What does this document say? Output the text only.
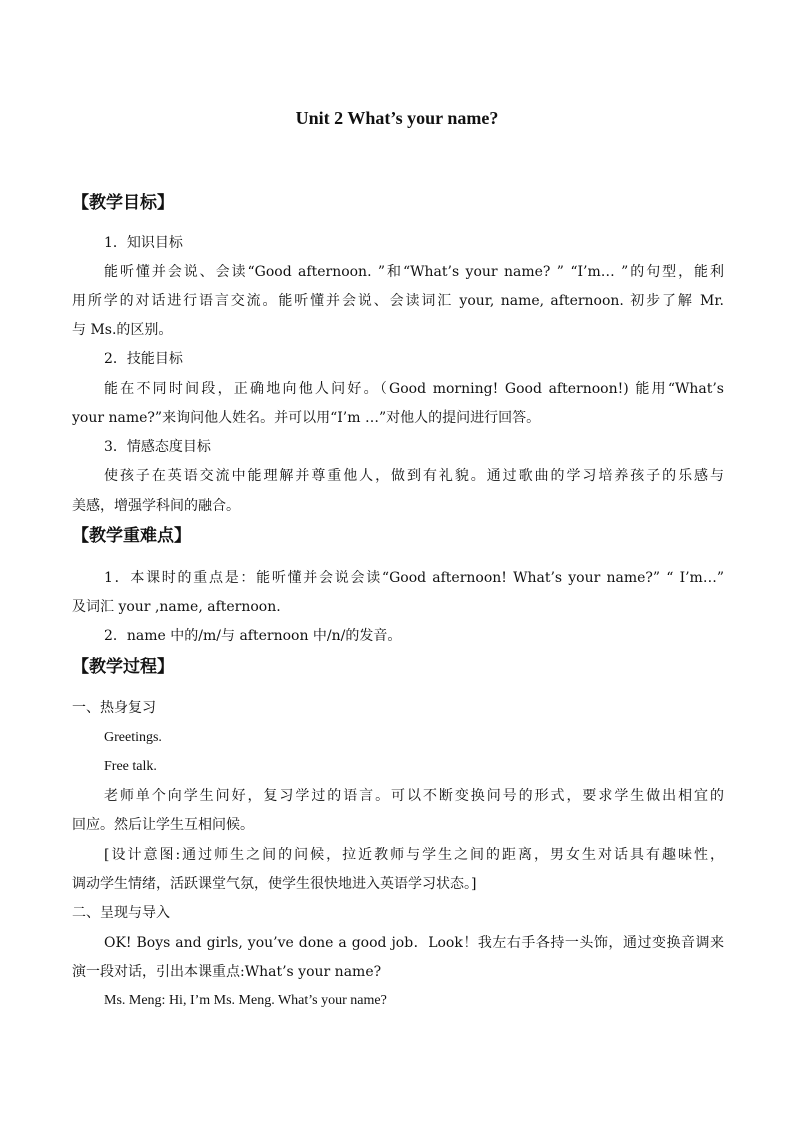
Unit 2 What’s your name?
【教学目标】
1．知识目标
能听懂并会说、会读“Good afternoon. ”和“What’s your name? ” “I’m… ”的句型，能利
用所学的对话进行语言交流。能听懂并会说、会读词汇 your, name, afternoon. 初步了解 Mr.
与 Ms.的区别。
2．技能目标
能在不同时间段，正确地向他人问好。（Good morning! Good afternoon!) 能用“What’s
your name?”来询问他人姓名。并可以用“I’m …”对他人的提问进行回答。
3．情感态度目标
使孩子在英语交流中能理解并尊重他人，做到有礼貌。通过歌曲的学习培养孩子的乐感与
美感，增强学科间的融合。
【教学重难点】
1．本课时的重点是：能听懂并会说会读“Good afternoon! What’s your name?” “ I’m…”
及词汇 your ,name, afternoon.
2．name 中的/m/与 afternoon 中/n/的发音。
【教学过程】
一、热身复习
Greetings.
Free talk.
老师单个向学生问好，复习学过的语言。可以不断变换问号的形式，要求学生做出相宜的
回应。然后让学生互相问候。
[设计意图:通过师生之间的问候，拉近教师与学生之间的距离，男女生对话具有趣味性，
调动学生情绪，活跃课堂气氛，使学生很快地进入英语学习状态。]
二、呈现与导入
OK! Boys and girls, you’ve done a good job．Look！我左右手各持一头饰，通过变换音调来
演一段对话，引出本课重点:What’s your name?
Ms. Meng: Hi, I’m Ms. Meng. What’s your name?
